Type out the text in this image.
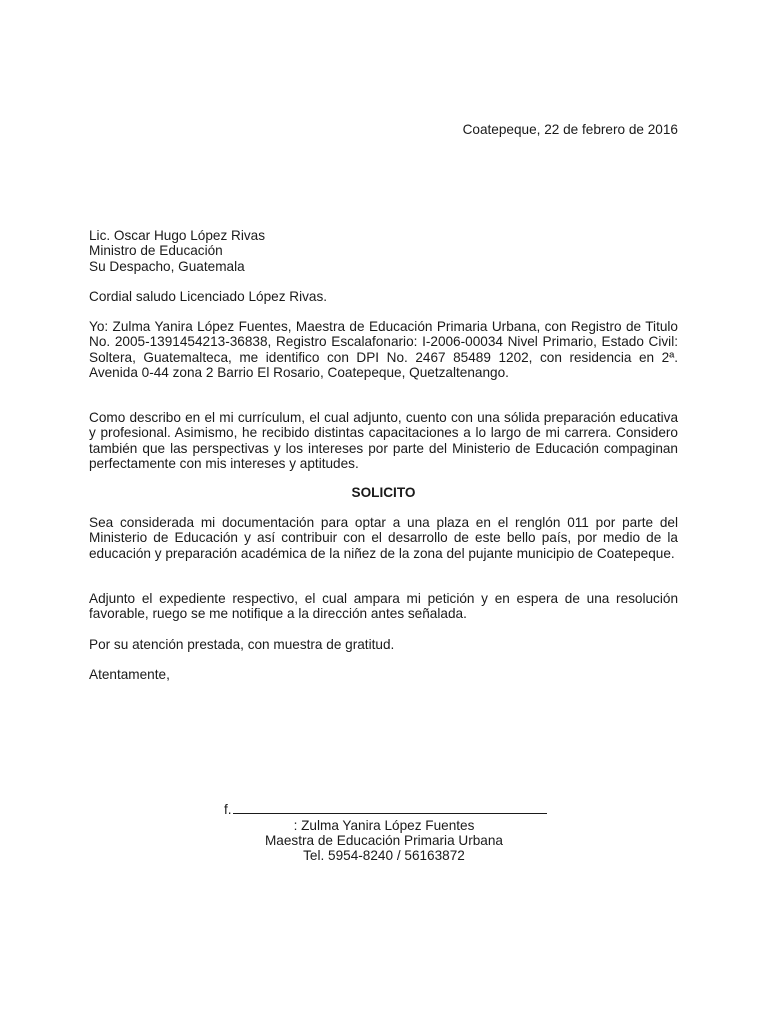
Coatepeque, 22 de febrero de 2016

Lic. Oscar Hugo López Rivas
Ministro de Educación
Su Despacho, Guatemala

Cordial saludo Licenciado López Rivas.

Yo: Zulma Yanira López Fuentes, Maestra de Educación Primaria Urbana, con Registro de Titulo No. 2005-1391454213-36838, Registro Escalafonario: I-2006-00034 Nivel Primario, Estado Civil: Soltera, Guatemalteca, me identifico con DPI No. 2467 85489 1202, con residencia en 2ª. Avenida 0-44 zona 2 Barrio El Rosario, Coatepeque, Quetzaltenango.

Como describo en el mi currículum, el cual adjunto, cuento con una sólida preparación educativa y profesional. Asimismo, he recibido distintas capacitaciones a lo largo de mi carrera. Considero también que las perspectivas y los intereses por parte del Ministerio de Educación compaginan perfectamente con mis intereses y aptitudes.

SOLICITO

Sea considerada mi documentación para optar a una plaza en el renglón 011 por parte del Ministerio de Educación y así contribuir con el desarrollo de este bello país, por medio de la educación y preparación académica de la niñez de la zona del pujante municipio de Coatepeque.

Adjunto el expediente respectivo, el cual ampara mi petición y en espera de una resolución favorable, ruego se me notifique a la dirección antes señalada.

Por su atención prestada, con muestra de gratitud.

Atentamente,

f.

: Zulma Yanira López Fuentes

Maestra de Educación Primaria Urbana

Tel. 5954-8240 / 56163872
